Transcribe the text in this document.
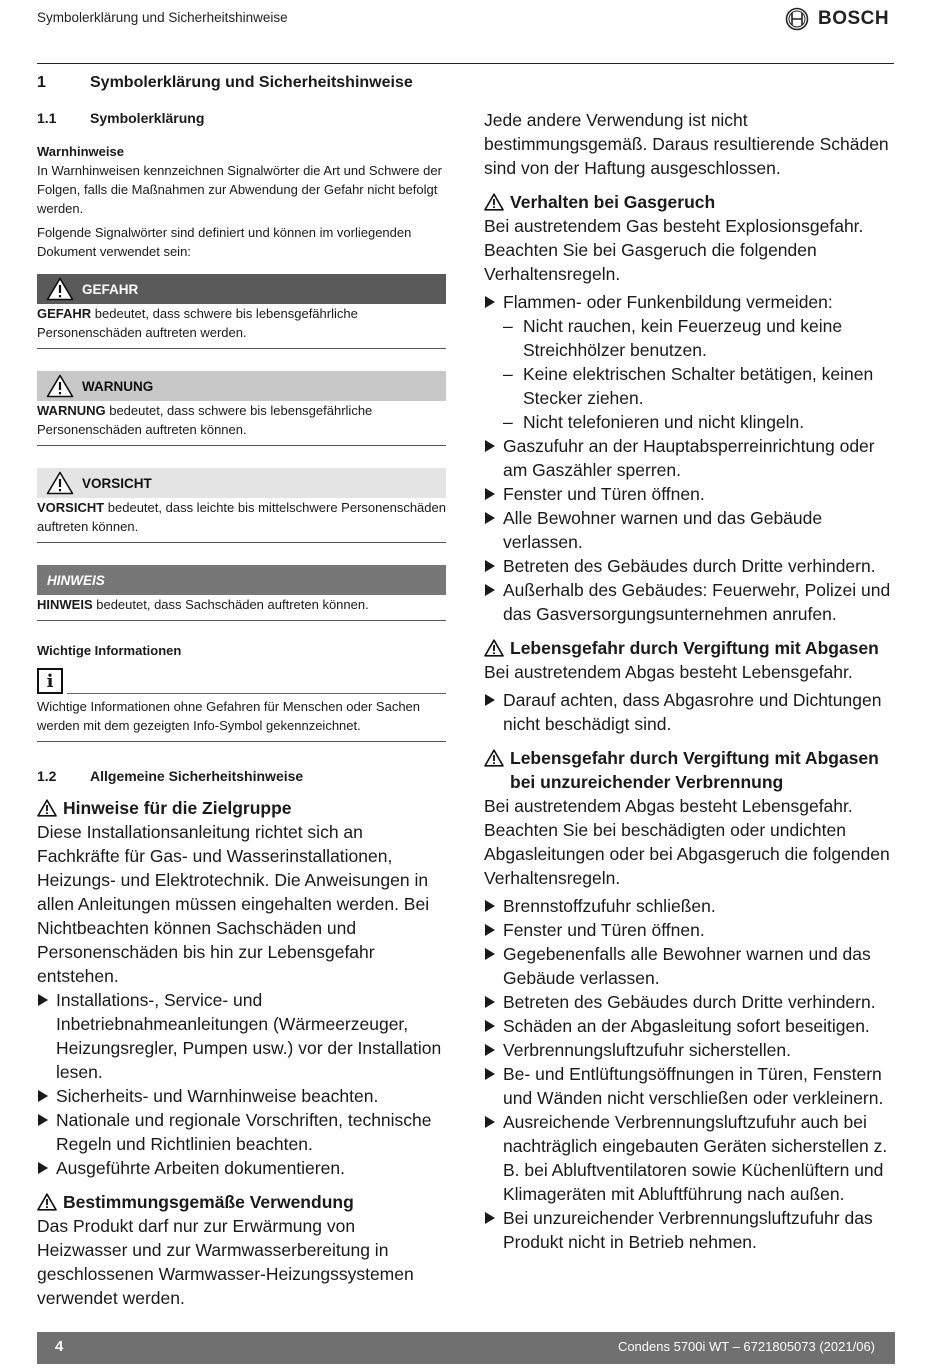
Symbolerklärung und Sicherheitshinweise	BOSCH
1	Symbolerklärung und Sicherheitshinweise
1.1	Symbolerklärung
Warnhinweise
In Warnhinweisen kennzeichnen Signalwörter die Art und Schwere der Folgen, falls die Maßnahmen zur Abwendung der Gefahr nicht befolgt werden.
Folgende Signalwörter sind definiert und können im vorliegenden Dokument verwendet sein:
GEFAHR
GEFAHR bedeutet, dass schwere bis lebensgefährliche Personenschäden auftreten werden.
WARNUNG
WARNUNG bedeutet, dass schwere bis lebensgefährliche Personenschäden auftreten können.
VORSICHT
VORSICHT bedeutet, dass leichte bis mittelschwere Personenschäden auftreten können.
HINWEIS
HINWEIS bedeutet, dass Sachschäden auftreten können.
Wichtige Informationen
i
Wichtige Informationen ohne Gefahren für Menschen oder Sachen werden mit dem gezeigten Info-Symbol gekennzeichnet.
1.2	Allgemeine Sicherheitshinweise
Hinweise für die Zielgruppe
Diese Installationsanleitung richtet sich an Fachkräfte für Gas- und Wasserinstallationen, Heizungs- und Elektrotechnik. Die Anweisungen in allen Anleitungen müssen eingehalten werden. Bei Nichtbeachten können Sachschäden und Personenschäden bis hin zur Lebensgefahr entstehen.
Installations-, Service- und Inbetriebnahmeanleitungen (Wärmeerzeuger, Heizungsregler, Pumpen usw.) vor der Installation lesen.
Sicherheits- und Warnhinweise beachten.
Nationale und regionale Vorschriften, technische Regeln und Richtlinien beachten.
Ausgeführte Arbeiten dokumentieren.
Bestimmungsgemäße Verwendung
Das Produkt darf nur zur Erwärmung von Heizwasser und zur Warmwasserbereitung in geschlossenen Warmwasser-Heizungssystemen verwendet werden.
Jede andere Verwendung ist nicht bestimmungsgemäß. Daraus resultierende Schäden sind von der Haftung ausgeschlossen.
Verhalten bei Gasgeruch
Bei austretendem Gas besteht Explosionsgefahr. Beachten Sie bei Gasgeruch die folgenden Verhaltensregeln.
Flammen- oder Funkenbildung vermeiden:
– Nicht rauchen, kein Feuerzeug und keine Streichhölzer benutzen.
– Keine elektrischen Schalter betätigen, keinen Stecker ziehen.
– Nicht telefonieren und nicht klingeln.
Gaszufuhr an der Hauptabsperreinrichtung oder am Gaszähler sperren.
Fenster und Türen öffnen.
Alle Bewohner warnen und das Gebäude verlassen.
Betreten des Gebäudes durch Dritte verhindern.
Außerhalb des Gebäudes: Feuerwehr, Polizei und das Gasversorgungsunternehmen anrufen.
Lebensgefahr durch Vergiftung mit Abgasen
Bei austretendem Abgas besteht Lebensgefahr.
Darauf achten, dass Abgasrohre und Dichtungen nicht beschädigt sind.
Lebensgefahr durch Vergiftung mit Abgasen bei unzureichender Verbrennung
Bei austretendem Abgas besteht Lebensgefahr. Beachten Sie bei beschädigten oder undichten Abgasleitungen oder bei Abgasgeruch die folgenden Verhaltensregeln.
Brennstoffzufuhr schließen.
Fenster und Türen öffnen.
Gegebenenfalls alle Bewohner warnen und das Gebäude verlassen.
Betreten des Gebäudes durch Dritte verhindern.
Schäden an der Abgasleitung sofort beseitigen.
Verbrennungsluftzufuhr sicherstellen.
Be- und Entlüftungsöffnungen in Türen, Fenstern und Wänden nicht verschließen oder verkleinern.
Ausreichende Verbrennungsluftzufuhr auch bei nachträglich eingebauten Geräten sicherstellen z. B. bei Abluftventilatoren sowie Küchenlüftern und Klimageräten mit Abluftführung nach außen.
Bei unzureichender Verbrennungsluftzufuhr das Produkt nicht in Betrieb nehmen.
4	Condens 5700i WT – 6721805073 (2021/06)
